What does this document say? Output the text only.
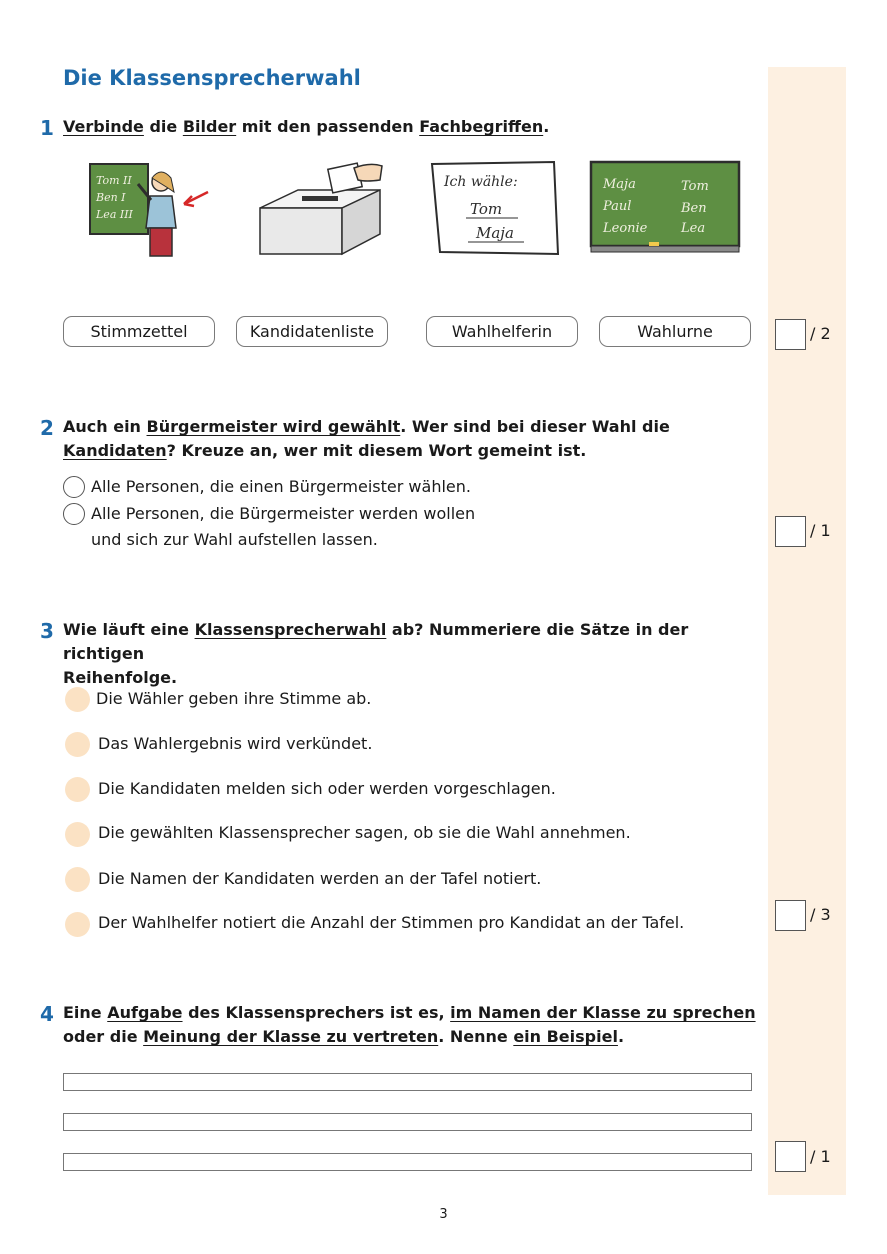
Die Klassensprecherwahl
1 Verbinde die Bilder mit den passenden Fachbegriffen.
Tom II
Ben I
Lea III
Ich wähle:
Tom
Maja
Maja
Paul
Leonie
Tom
Ben
Lea
Stimmzettel	Kandidatenliste	Wahlhelferin	Wahlurne	/ 2
2 Auch ein Bürgermeister wird gewählt. Wer sind bei dieser Wahl die
Kandidaten? Kreuze an, wer mit diesem Wort gemeint ist.
Alle Personen, die einen Bürgermeister wählen.
Alle Personen, die Bürgermeister werden wollen
und sich zur Wahl aufstellen lassen.	/ 1
3 Wie läuft eine Klassensprecherwahl ab? Nummeriere die Sätze in der richtigen
Reihenfolge.
Die Wähler geben ihre Stimme ab.
Das Wahlergebnis wird verkündet.
Die Kandidaten melden sich oder werden vorgeschlagen.
Die gewählten Klassensprecher sagen, ob sie die Wahl annehmen.
Die Namen der Kandidaten werden an der Tafel notiert.
Der Wahlhelfer notiert die Anzahl der Stimmen pro Kandidat an der Tafel.	/ 3
4 Eine Aufgabe des Klassensprechers ist es, im Namen der Klasse zu sprechen
oder die Meinung der Klasse zu vertreten. Nenne ein Beispiel.
/ 1
3
